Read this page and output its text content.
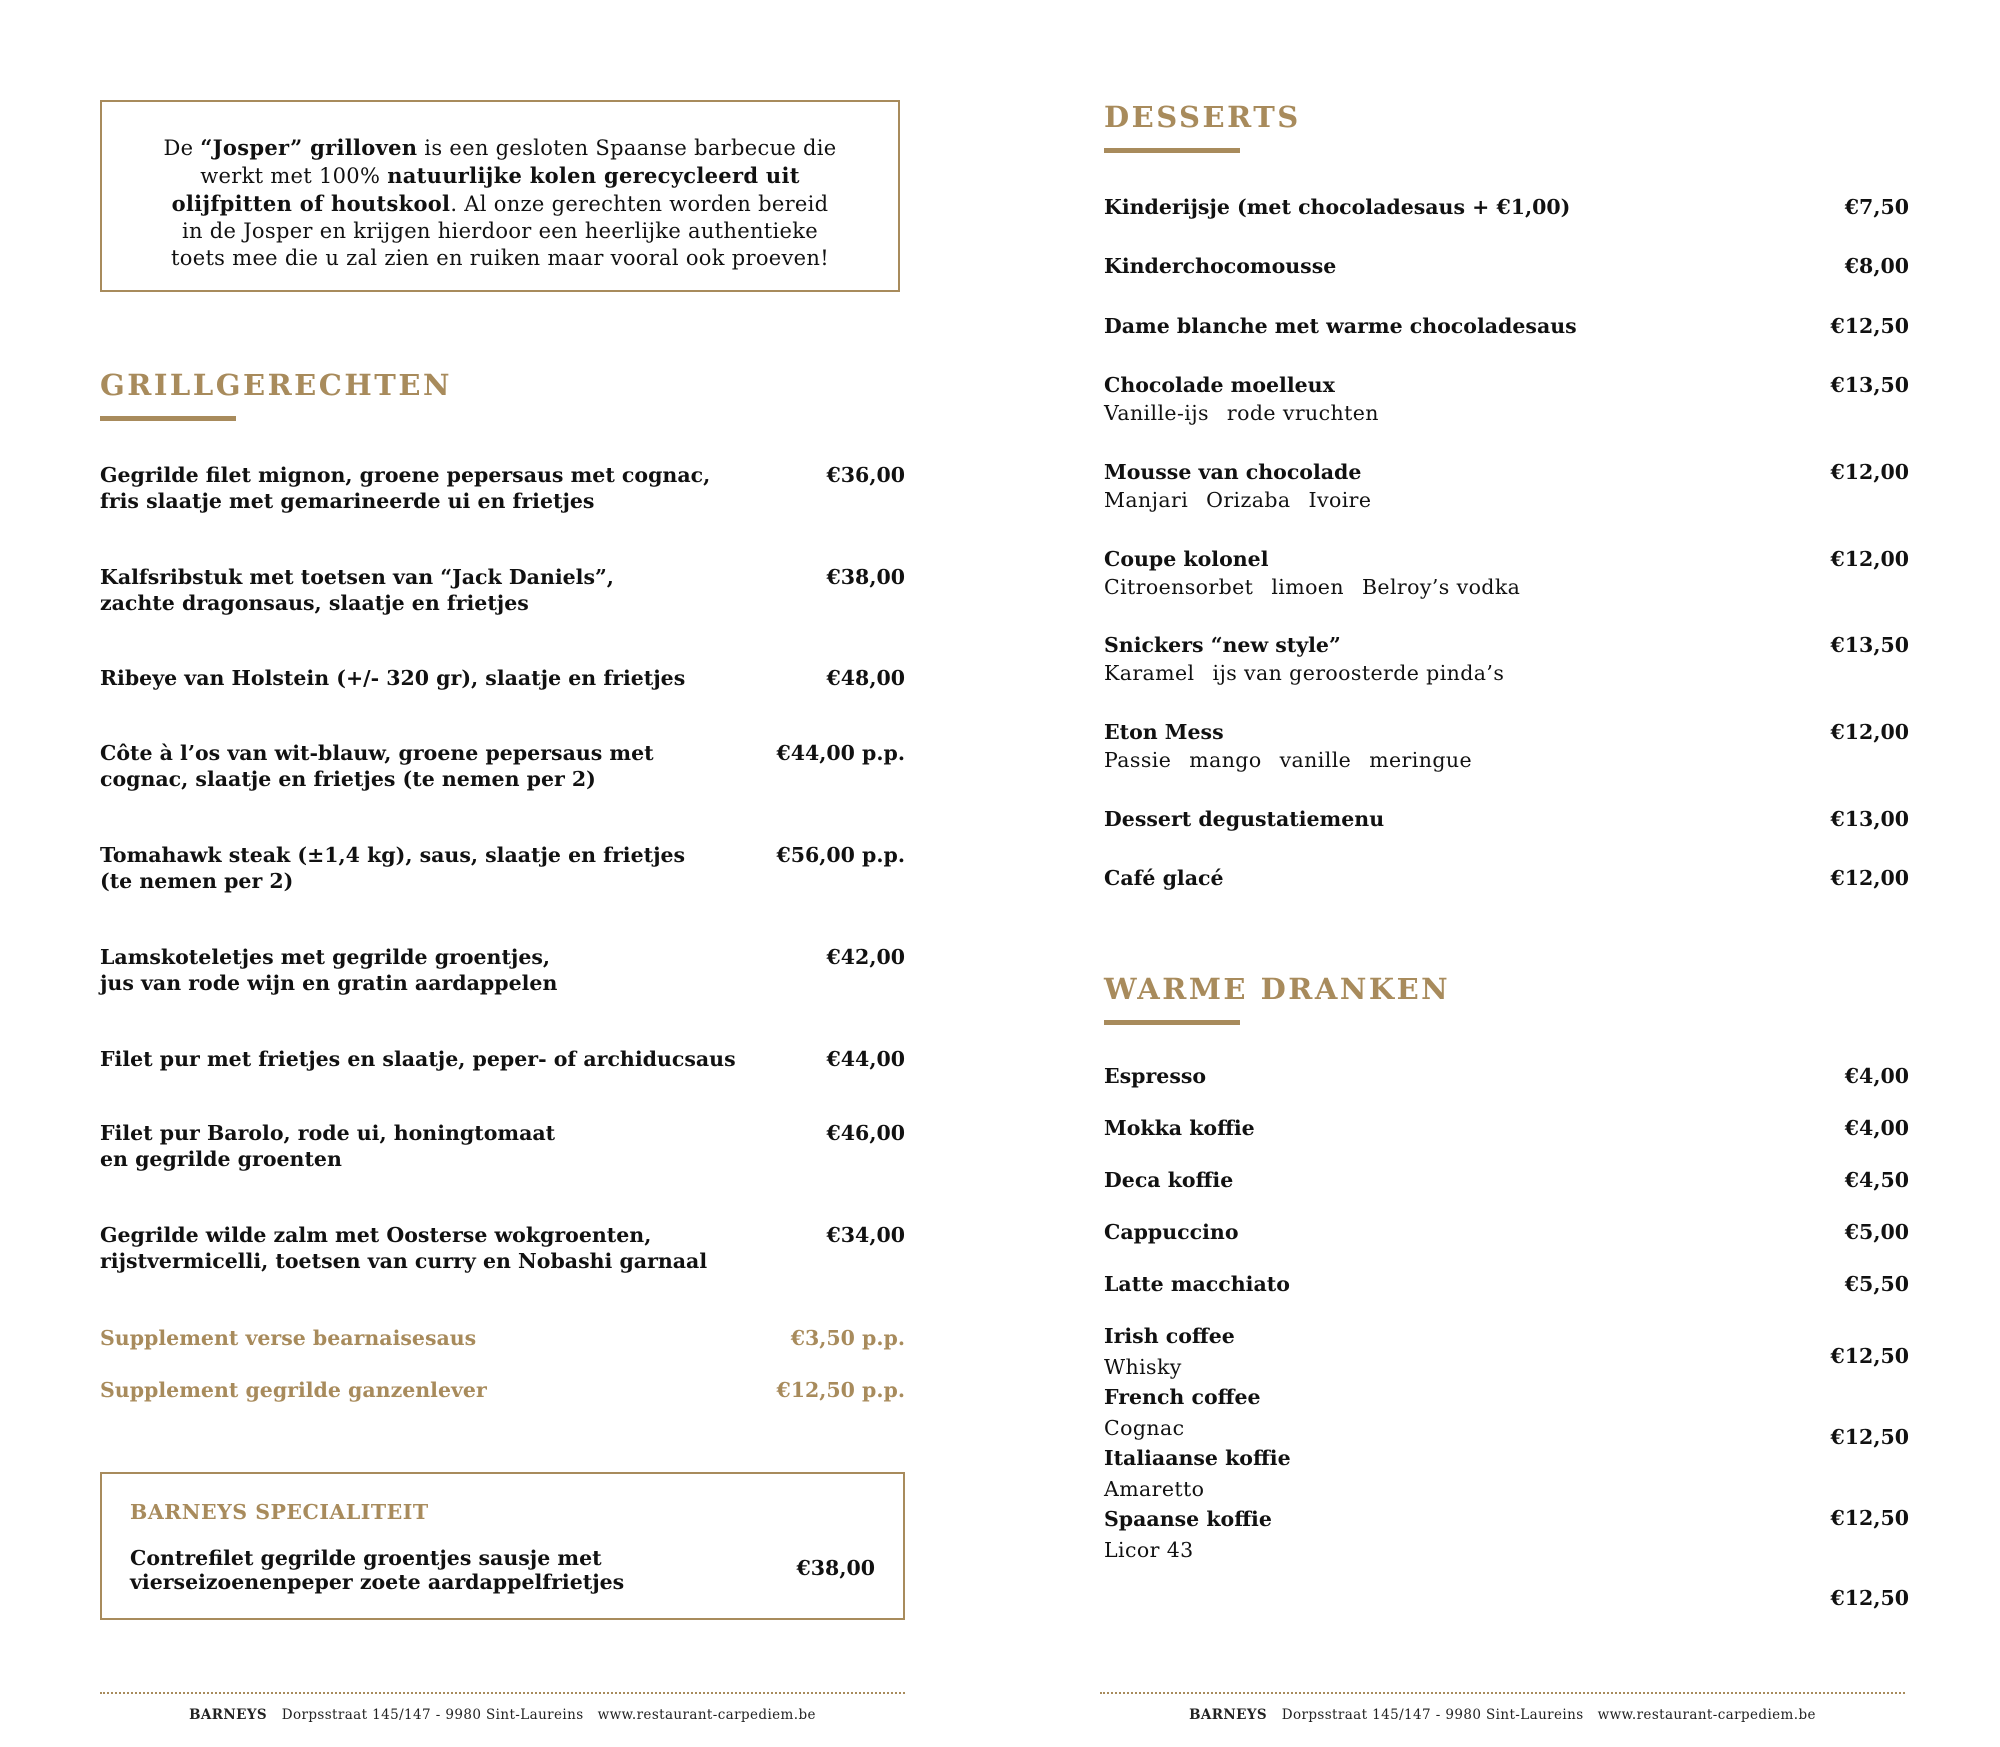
De “Josper” grilloven is een gesloten Spaanse barbecue die werkt met 100% natuurlijke kolen gerecycleerd uit olijfpitten of houtskool. Al onze gerechten worden bereid in de Josper en krijgen hierdoor een heerlijke authentieke toets mee die u zal zien en ruiken maar vooral ook proeven!
GRILLGERECHTEN
Gegrilde filet mignon, groene pepersaus met cognac,
fris slaatje met gemarineerde ui en frietjes
€36,00
Kalfsribstuk met toetsen van “Jack Daniels”,
zachte dragonsaus, slaatje en frietjes
€38,00
Ribeye van Holstein (+/- 320 gr), slaatje en frietjes	€48,00
Côte à l’os van wit-blauw, groene pepersaus met
cognac, slaatje en frietjes (te nemen per 2)
€44,00 p.p.
Tomahawk steak (±1,4 kg), saus, slaatje en frietjes
(te nemen per 2)
€56,00 p.p.
Lamskoteletjes met gegrilde groentjes,
jus van rode wijn en gratin aardappelen
€42,00
Filet pur met frietjes en slaatje, peper- of archiducsaus	€44,00
Filet pur Barolo, rode ui, honingtomaat
en gegrilde groenten
€46,00
Gegrilde wilde zalm met Oosterse wokgroenten,
rijstvermicelli, toetsen van curry en Nobashi garnaal
€34,00
Supplement verse bearnaisesaus	€3,50 p.p.
Supplement gegrilde ganzenlever	€12,50 p.p.
BARNEYS SPECIALITEIT
Contrefilet gegrilde groentjes sausje met
vierseizoenenpeper zoete aardappelfrietjes
€38,00
BARNEYS Dorpsstraat 145/147 - 9980 Sint-Laureins www.restaurant-carpediem.be
DESSERTS
Kinderijsje (met chocoladesaus + €1,00)	€7,50
Kinderchocomousse	€8,00
Dame blanche met warme chocoladesaus	€12,50
Chocolade moelleux
Vanille-ijs rode vruchten
€13,50
Mousse van chocolade
Manjari Orizaba Ivoire
€12,00
Coupe kolonel
Citroensorbet limoen Belroy’s vodka
€12,00
Snickers “new style”
Karamel ijs van geroosterde pinda’s
€13,50
Eton Mess
Passie mango vanille meringue
€12,00
Dessert degustatiemenu	€13,00
Café glacé	€12,00
WARME DRANKEN
Espresso	€4,00
Mokka koffie	€4,00
Deca koffie	€4,50
Cappuccino	€5,00
Latte macchiato	€5,50
Irish coffee
Whisky	€12,50
French coffee
Cognac	€12,50
Italiaanse koffie
Amaretto
€12,50
Spaanse koffie
Licor 43
€12,50
BARNEYS Dorpsstraat 145/147 - 9980 Sint-Laureins www.restaurant-carpediem.be
